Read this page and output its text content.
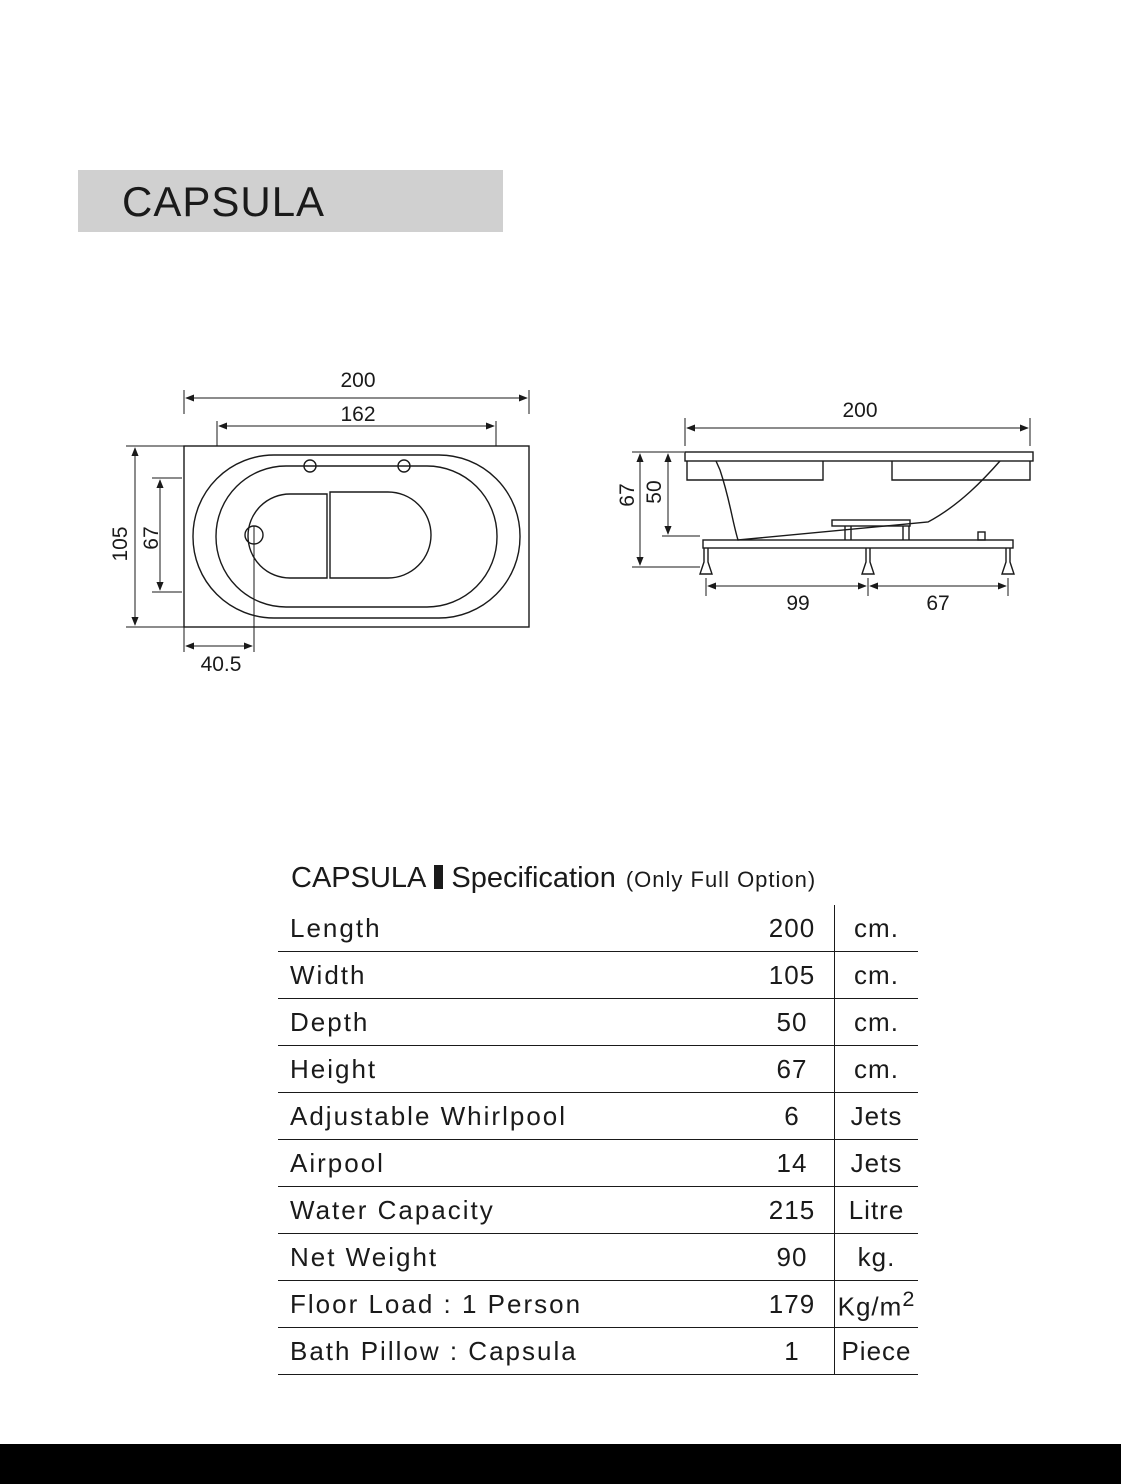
CAPSULA
200
162
105 67
40.5
200
67 50
99	67
CAPSULA Specification (Only Full Option)
Length	200	cm.
Width	105	cm.
Depth	50	cm.
Height	67	cm.
Adjustable Whirlpool	6	Jets
Airpool	14	Jets
Water Capacity	215	Litre
Net Weight	90	kg.
Floor Load : 1 Person	179	$Kg/m^2$
Bath Pillow : Capsula	1	Piece
